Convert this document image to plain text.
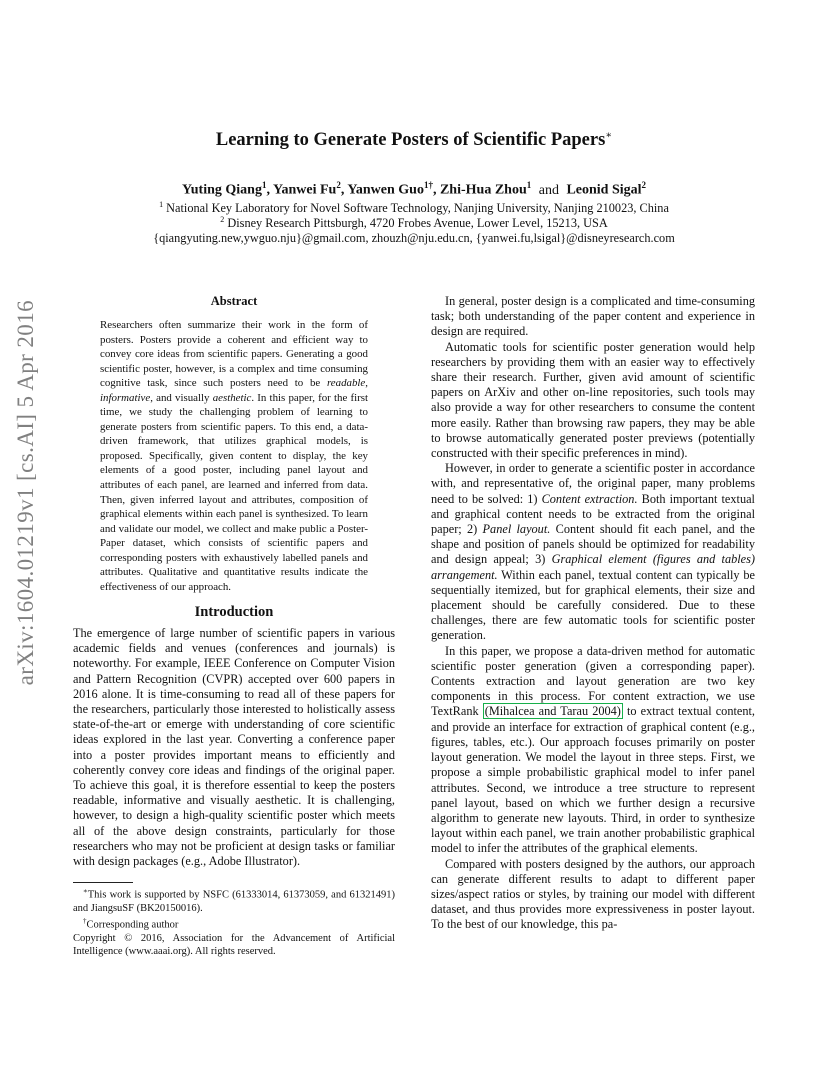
arXiv:1604.01219v1 [cs.AI] 5 Apr 2016
Learning to Generate Posters of Scientific Papers∗
Yuting Qiang$^1$, Yanwei Fu$^2$, Yanwen Guo$^{1\dagger}$, Zhi-Hua Zhou$^1$ and Leonid Sigal$^2$
$^1$ National Key Laboratory for Novel Software Technology, Nanjing University, Nanjing 210023, China
$^2$ Disney Research Pittsburgh, 4720 Frobes Avenue, Lower Level, 15213, USA
{qiangyuting.new,ywguo.nju}@gmail.com, zhouzh@nju.edu.cn, {yanwei.fu,lsigal}@disneyresearch.com
Abstract

Researchers often summarize their work in the form of posters. Posters provide a coherent and efficient way to convey core ideas from scientific papers. Generating a good scientific poster, however, is a complex and time consuming cognitive task, since such posters need to be readable, informative, and visually aesthetic. In this paper, for the first time, we study the challenging problem of learning to generate posters from scientific papers. To this end, a data-driven framework, that utilizes graphical models, is proposed. Specifically, given content to display, the key elements of a good poster, including panel layout and attributes of each panel, are learned and inferred from data. Then, given inferred layout and attributes, composition of graphical elements within each panel is synthesized. To learn and validate our model, we collect and make public a Poster-Paper dataset, which consists of scientific papers and corresponding posters with exhaustively labelled panels and attributes. Qualitative and quantitative results indicate the effectiveness of our approach.

Introduction

The emergence of large number of scientific papers in various academic fields and venues (conferences and journals) is noteworthy. For example, IEEE Conference on Computer Vision and Pattern Recognition (CVPR) accepted over 600 papers in 2016 alone. It is time-consuming to read all of these papers for the researchers, particularly those interested to holistically assess state-of-the-art or emerge with understanding of core scientific ideas explored in the last year. Converting a conference paper into a poster provides important means to efficiently and coherently convey core ideas and findings of the original paper. To achieve this goal, it is therefore essential to keep the posters readable, informative and visually aesthetic. It is challenging, however, to design a high-quality scientific poster which meets all of the above design constraints, particularly for those researchers who may not be proficient at design tasks or familiar with design packages (e.g., Adobe Illustrator).

∗This work is supported by NSFC (61333014, 61373059, and 61321491) and JiangsuSF (BK20150016).

†Corresponding author

Copyright © 2016, Association for the Advancement of Artificial Intelligence (www.aaai.org). All rights reserved.

In general, poster design is a complicated and time-consuming task; both understanding of the paper content and experience in design are required.

Automatic tools for scientific poster generation would help researchers by providing them with an easier way to effectively share their research. Further, given avid amount of scientific papers on ArXiv and other on-line repositories, such tools may also provide a way for other researchers to consume the content more easily. Rather than browsing raw papers, they may be able to browse automatically generated poster previews (potentially constructed with their specific preferences in mind).

However, in order to generate a scientific poster in accordance with, and representative of, the original paper, many problems need to be solved: 1) Content extraction. Both important textual and graphical content needs to be extracted from the original paper; 2) Panel layout. Content should fit each panel, and the shape and position of panels should be optimized for readability and design appeal; 3) Graphical element (figures and tables) arrangement. Within each panel, textual content can typically be sequentially itemized, but for graphical elements, their size and placement should be carefully considered. Due to these challenges, there are few automatic tools for scientific poster generation.

In this paper, we propose a data-driven method for automatic scientific poster generation (given a corresponding paper). Contents extraction and layout generation are two key components in this process. For content extraction, we use TextRank (Mihalcea and Tarau 2004) to extract textual content, and provide an interface for extraction of graphical content (e.g., figures, tables, etc.). Our approach focuses primarily on poster layout generation. We model the layout in three steps. First, we propose a simple probabilistic graphical model to infer panel attributes. Second, we introduce a tree structure to represent panel layout, based on which we further design a recursive algorithm to generate new layouts. Third, in order to synthesize layout within each panel, we train another probabilistic graphical model to infer the attributes of the graphical elements.

Compared with posters designed by the authors, our approach can generate different results to adapt to different paper sizes/aspect ratios or styles, by training our model with different dataset, and thus provides more expressiveness in poster layout. To the best of our knowledge, this pa-
